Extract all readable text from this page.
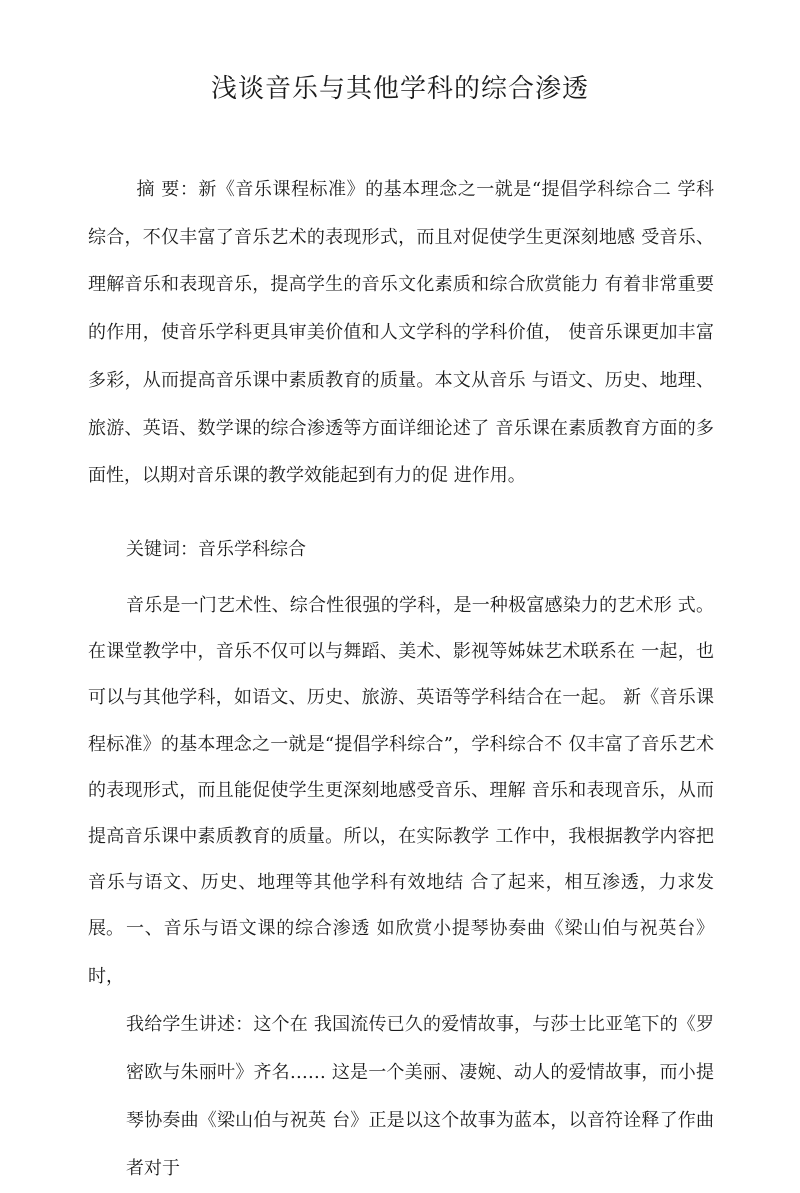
浅谈音乐与其他学科的综合渗透

摘 要：新《音乐课程标准》的基本理念之一就是“提倡学科综合二 学科综合，不仅丰富了音乐艺术的表现形式，而且对促使学生更深刻地感 受音乐、理解音乐和表现音乐，提高学生的音乐文化素质和综合欣赏能力 有着非常重要的作用，使音乐学科更具审美价值和人文学科的学科价值， 使音乐课更加丰富多彩，从而提高音乐课中素质教育的质量。本文从音乐 与语文、历史、地理、旅游、英语、数学课的综合渗透等方面详细论述了 音乐课在素质教育方面的多面性，以期对音乐课的教学效能起到有力的促 进作用。

关键词：音乐学科综合

音乐是一门艺术性、综合性很强的学科，是一种极富感染力的艺术形 式。在课堂教学中，音乐不仅可以与舞蹈、美术、影视等姊妹艺术联系在 一起，也可以与其他学科，如语文、历史、旅游、英语等学科结合在一起。 新《音乐课程标准》的基本理念之一就是“提倡学科综合”，学科综合不 仅丰富了音乐艺术的表现形式，而且能促使学生更深刻地感受音乐、理解 音乐和表现音乐，从而提高音乐课中素质教育的质量。所以，在实际教学 工作中，我根据教学内容把音乐与语文、历史、地理等其他学科有效地结 合了起来，相互渗透，力求发展。 一、音乐与语文课的综合渗透 如欣赏小提琴协奏曲《梁山伯与祝英台》时，
我给学生讲述：这个在 我国流传已久的爱情故事，与莎士比亚笔下的《罗密欧与朱丽叶》齐名…… 这是一个美丽、凄婉、动人的爱情故事，而小提琴协奏曲《梁山伯与祝英 台》正是以这个故事为蓝本，以音符诠释了作曲者对于
